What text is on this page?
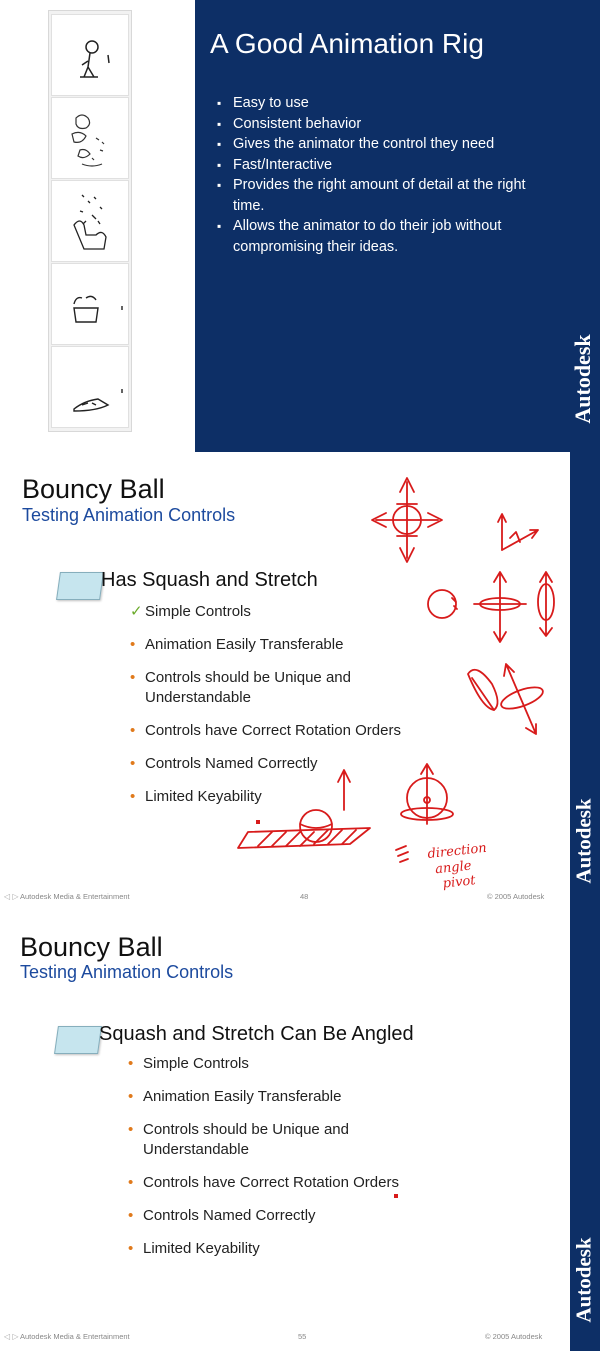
A Good Animation Rig
▪ Easy to use
▪ Consistent behavior
▪ Gives the animator the control they need
▪ Fast/Interactive
▪ Provides the right amount of detail at the right time.
▪ Allows the animator to do their job without compromising their ideas.
Autodesk
Bouncy Ball
Testing Animation Controls
Has Squash and Stretch
✓ Simple Controls
• Animation Easily Transferable
• Controls should be Unique and Understandable
• Controls have Correct Rotation Orders
• Controls Named Correctly
• Limited Keyability
direction angle pivot
◁ ▷ Autodesk Media & Entertainment	48	© 2005 Autodesk
Autodesk
Bouncy Ball
Testing Animation Controls
Squash and Stretch Can Be Angled
• Simple Controls
• Animation Easily Transferable
• Controls should be Unique and Understandable
• Controls have Correct Rotation Orders
• Controls Named Correctly
• Limited Keyability
◁ ▷ Autodesk Media & Entertainment	55	© 2005 Autodesk
Autodesk
